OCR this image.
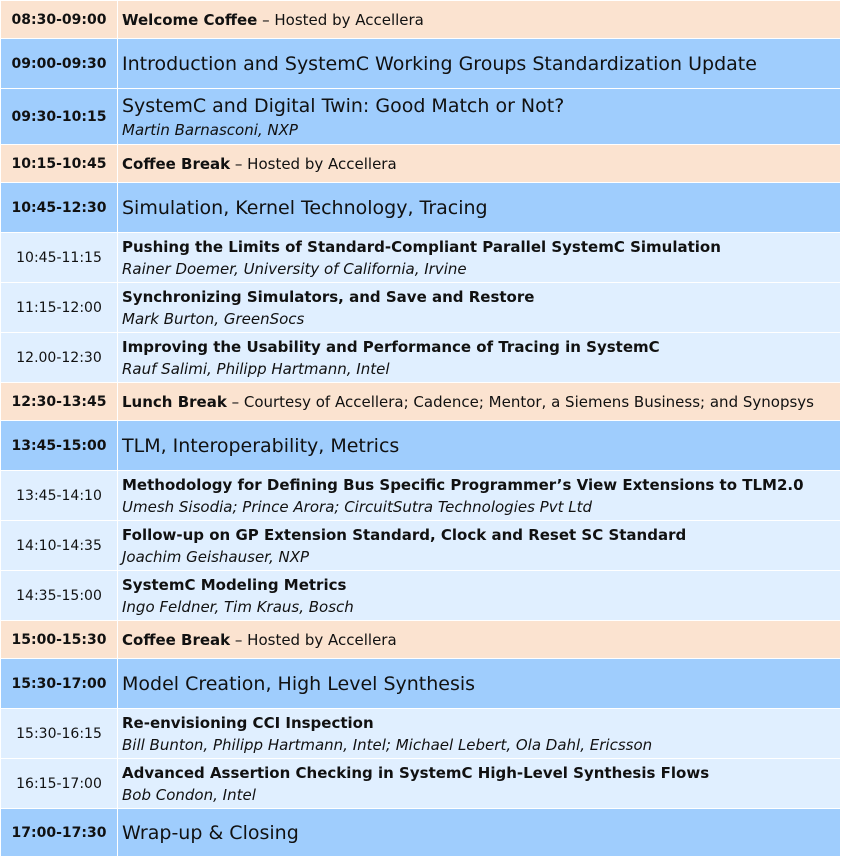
08:30-09:00	Welcome Coffee – Hosted by Accellera
09:00-09:30	Introduction and SystemC Working Groups Standardization Update
09:30-10:15	SystemC and Digital Twin: Good Match or Not?
Martin Barnasconi, NXP

10:15-10:45	Coffee Break – Hosted by Accellera
10:45-12:30	Simulation, Kernel Technology, Tracing
10:45-11:15	Pushing the Limits of Standard-Compliant Parallel SystemC Simulation
Rainer Doemer, University of California, Irvine

11:15-12:00	Synchronizing Simulators, and Save and Restore
Mark Burton, GreenSocs

12.00-12:30	Improving the Usability and Performance of Tracing in SystemC
Rauf Salimi, Philipp Hartmann, Intel

12:30-13:45	Lunch Break – Courtesy of Accellera; Cadence; Mentor, a Siemens Business; and Synopsys
13:45-15:00	TLM, Interoperability, Metrics
13:45-14:10	Methodology for Defining Bus Specific Programmer’s View Extensions to TLM2.0
Umesh Sisodia; Prince Arora; CircuitSutra Technologies Pvt Ltd

14:10-14:35	Follow-up on GP Extension Standard, Clock and Reset SC Standard
Joachim Geishauser, NXP

14:35-15:00	SystemC Modeling Metrics
Ingo Feldner, Tim Kraus, Bosch

15:00-15:30	Coffee Break – Hosted by Accellera
15:30-17:00	Model Creation, High Level Synthesis
15:30-16:15	Re-envisioning CCI Inspection
Bill Bunton, Philipp Hartmann, Intel; Michael Lebert, Ola Dahl, Ericsson

16:15-17:00	Advanced Assertion Checking in SystemC High-Level Synthesis Flows
Bob Condon, Intel

17:00-17:30	Wrap-up & Closing
